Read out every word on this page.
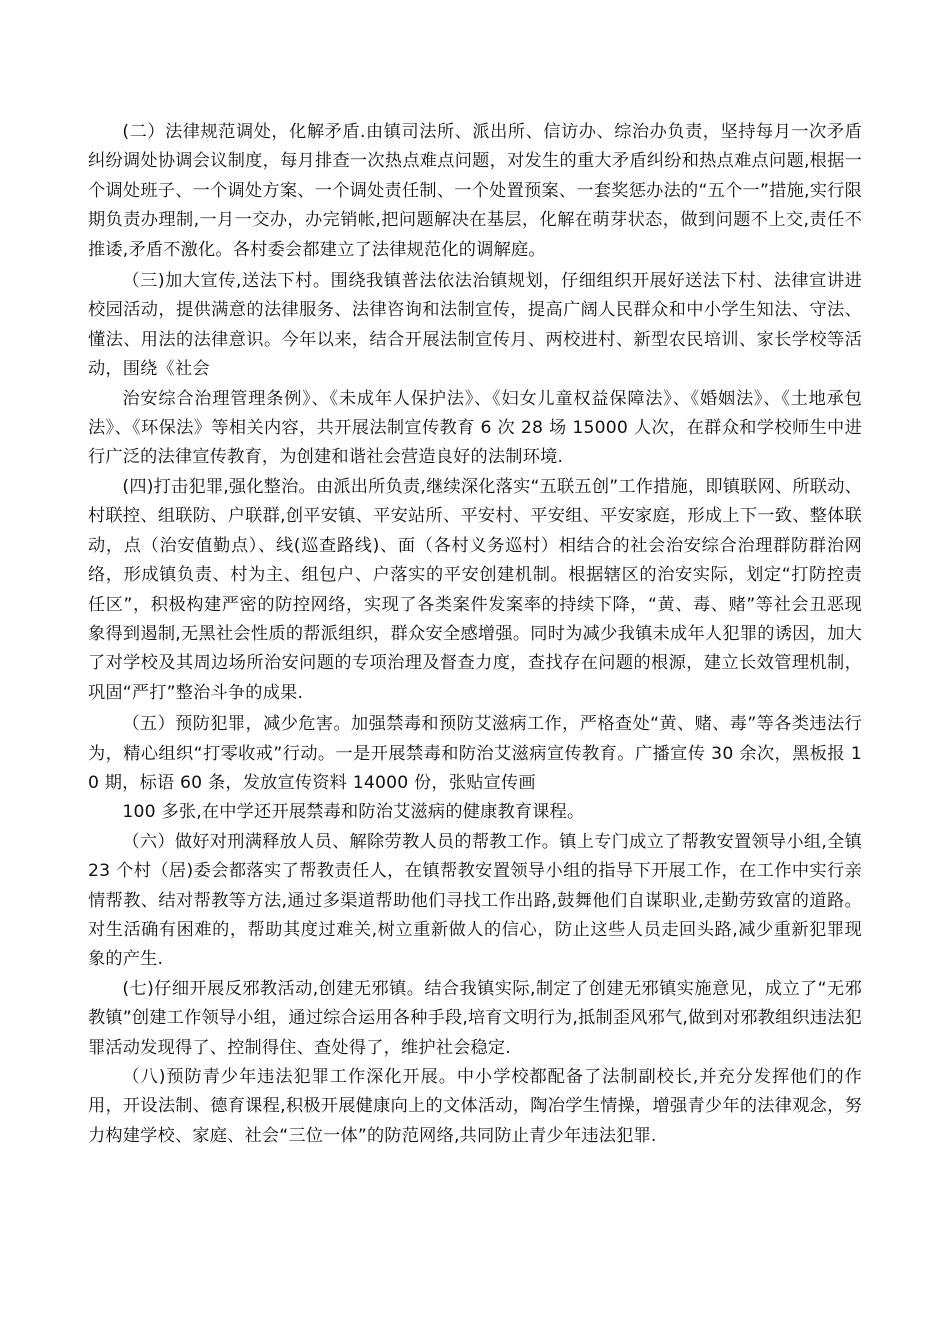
(二）法律规范调处，化解矛盾.由镇司法所、派出所、信访办、综治办负责，坚持每月一次矛盾纠纷调处协调会议制度，每月排查一次热点难点问题，对发生的重大矛盾纠纷和热点难点问题,根据一个调处班子、一个调处方案、一个调处责任制、一个处置预案、一套奖惩办法的“五个一”措施,实行限期负责办理制,一月一交办，办完销帐,把问题解决在基层，化解在萌芽状态，做到问题不上交,责任不推诿,矛盾不激化。各村委会都建立了法律规范化的调解庭。

（三)加大宣传,送法下村。围绕我镇普法依法治镇规划，仔细组织开展好送法下村、法律宣讲进校园活动，提供满意的法律服务、法律咨询和法制宣传，提高广阔人民群众和中小学生知法、守法、懂法、用法的法律意识。今年以来，结合开展法制宣传月、两校进村、新型农民培训、家长学校等活动，围绕《社会

治安综合治理管理条例》、《未成年人保护法》、《妇女儿童权益保障法》、《婚姻法》、《土地承包法》、《环保法》等相关内容，共开展法制宣传教育 6 次 28 场 15000 人次，在群众和学校师生中进行广泛的法律宣传教育，为创建和谐社会营造良好的法制环境.

(四)打击犯罪,强化整治。由派出所负责,继续深化落实“五联五创”工作措施，即镇联网、所联动、村联控、组联防、户联群,创平安镇、平安站所、平安村、平安组、平安家庭，形成上下一致、整体联动，点（治安值勤点）、线(巡查路线)、面（各村义务巡村）相结合的社会治安综合治理群防群治网络，形成镇负责、村为主、组包户、户落实的平安创建机制。根据辖区的治安实际，划定“打防控责任区”，积极构建严密的防控网络，实现了各类案件发案率的持续下降，“黄、毒、赌”等社会丑恶现象得到遏制,无黑社会性质的帮派组织，群众安全感增强。同时为减少我镇未成年人犯罪的诱因，加大了对学校及其周边场所治安问题的专项治理及督查力度，查找存在问题的根源，建立长效管理机制，巩固“严打”整治斗争的成果.

（五）预防犯罪，减少危害。加强禁毒和预防艾滋病工作，严格查处“黄、赌、毒”等各类违法行为，精心组织“打零收戒”行动。一是开展禁毒和防治艾滋病宣传教育。广播宣传 30 余次，黑板报 10 期，标语 60 条，发放宣传资料 14000 份，张贴宣传画

100 多张,在中学还开展禁毒和防治艾滋病的健康教育课程。

（六）做好对刑满释放人员、解除劳教人员的帮教工作。镇上专门成立了帮教安置领导小组,全镇 23 个村（居)委会都落实了帮教责任人，在镇帮教安置领导小组的指导下开展工作，在工作中实行亲情帮教、结对帮教等方法,通过多渠道帮助他们寻找工作出路,鼓舞他们自谋职业,走勤劳致富的道路。对生活确有困难的，帮助其度过难关,树立重新做人的信心，防止这些人员走回头路,减少重新犯罪现象的产生.

(七)仔细开展反邪教活动,创建无邪镇。结合我镇实际,制定了创建无邪镇实施意见，成立了“无邪教镇”创建工作领导小组，通过综合运用各种手段,培育文明行为,抵制歪风邪气,做到对邪教组织违法犯罪活动发现得了、控制得住、查处得了，维护社会稳定.

（八)预防青少年违法犯罪工作深化开展。中小学校都配备了法制副校长,并充分发挥他们的作用，开设法制、德育课程,积极开展健康向上的文体活动，陶冶学生情操，增强青少年的法律观念，努力构建学校、家庭、社会“三位一体”的防范网络,共同防止青少年违法犯罪.
